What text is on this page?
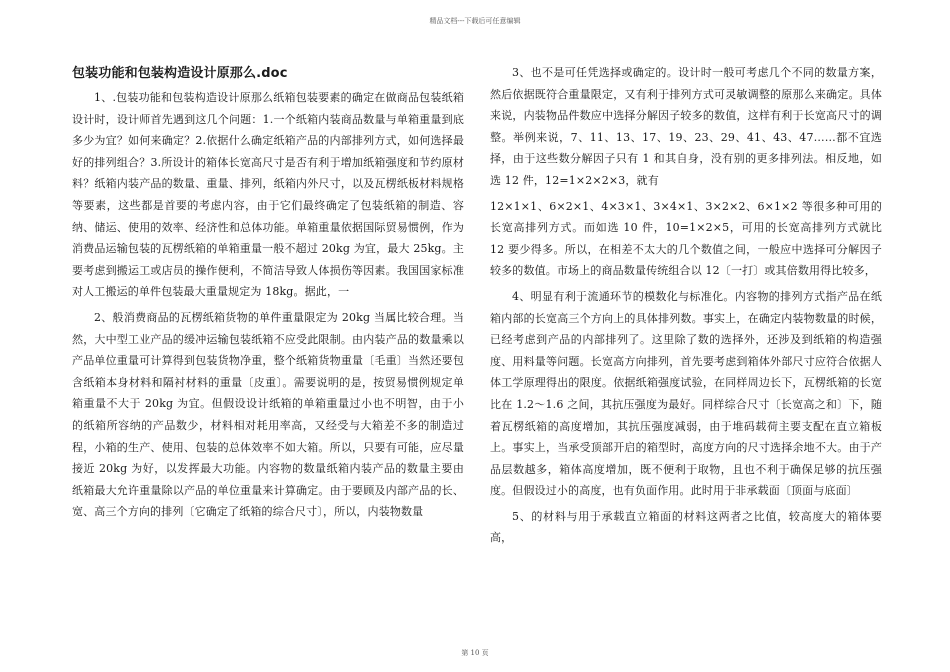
精品文档---下载后可任意编辑
包装功能和包装构造设计原那么.doc

1、.包装功能和包装构造设计原那么纸箱包装要素的确定在做商品包装纸箱设计时，设计师首先遇到这几个问题：1.一个纸箱内装商品数量与单箱重量到底多少为宜？如何来确定？2.依据什么确定纸箱产品的内部排列方式，如何选择最好的排列组合？3.所设计的箱体长宽高尺寸是否有利于增加纸箱强度和节约原材料？纸箱内装产品的数量、重量、排列，纸箱内外尺寸，以及瓦楞纸板材料规格等要素，这些都是首要的考虑内容，由于它们最终确定了包装纸箱的制造、容纳、储运、使用的效率、经济性和总体功能。单箱重量依据国际贸易惯例，作为消费品运输包装的瓦楞纸箱的单箱重量一般不超过 20kg 为宜，最大 25kg。主要考虑到搬运工或店员的操作便利，不简洁导致人体损伤等因素。我国国家标准对人工搬运的单件包装最大重量规定为 18kg。据此，一

2、般消费商品的瓦楞纸箱货物的单件重量限定为 20kg 当属比较合理。当然，大中型工业产品的缓冲运输包装纸箱不应受此限制。由内装产品的数量乘以产品单位重量可计算得到包装货物净重，整个纸箱货物重量〔毛重〕当然还要包含纸箱本身材料和隔衬材料的重量〔皮重〕。需要说明的是，按贸易惯例规定单箱重量不大于 20kg 为宜。但假设设计纸箱的单箱重量过小也不明智，由于小的纸箱所容纳的产品数少，材料相对耗用率高，又经受与大箱差不多的制造过程，小箱的生产、使用、包装的总体效率不如大箱。所以，只要有可能，应尽量接近 20kg 为好，以发挥最大功能。内容物的数量纸箱内装产品的数量主要由纸箱最大允许重量除以产品的单位重量来计算确定。由于要顾及内部产品的长、宽、高三个方向的排列〔它确定了纸箱的综合尺寸〕，所以，内装物数量

3、也不是可任凭选择或确定的。设计时一般可考虑几个不同的数量方案，然后依据既符合重量限定，又有利于排列方式可灵敏调整的原那么来确定。具体来说，内装物品件数应中选择分解因子较多的数值，这样有利于长宽高尺寸的调整。举例来说，7、11、13、17、19、23、29、41、43、47……都不宜选择，由于这些数分解因子只有 1 和其自身，没有别的更多排列法。相反地，如选 12 件，12=1×2×2×3，就有

12×1×1、6×2×1、4×3×1、3×4×1、3×2×2、6×1×2 等很多种可用的长宽高排列方式。而如选 10 件，10=1×2×5，可用的长宽高排列方式就比 12 要少得多。所以，在相差不太大的几个数值之间，一般应中选择可分解因子较多的数值。市场上的商品数量传统组合以 12〔一打〕或其倍数用得比较多，

4、明显有利于流通环节的模数化与标准化。内容物的排列方式指产品在纸箱内部的长宽高三个方向上的具体排列数。事实上，在确定内装物数量的时候，已经考虑到产品的内部排列了。这里除了数的选择外，还涉及到纸箱的构造强度、用料量等问题。长宽高方向排列，首先要考虑到箱体外部尺寸应符合依据人体工学原理得出的限度。依据纸箱强度试验，在同样周边长下，瓦楞纸箱的长宽比在 1.2～1.6 之间，其抗压强度为最好。同样综合尺寸〔长宽高之和〕下，随着瓦楞纸箱的高度增加，其抗压强度减弱，由于堆码载荷主要支配在直立箱板上。事实上，当承受顶部开启的箱型时，高度方向的尺寸选择余地不大。由于产品层数越多，箱体高度增加，既不便利于取物，且也不利于确保足够的抗压强度。但假设过小的高度，也有负面作用。此时用于非承载面〔顶面与底面〕

5、的材料与用于承载直立箱面的材料这两者之比值，较高度大的箱体要高，

第 10 页
